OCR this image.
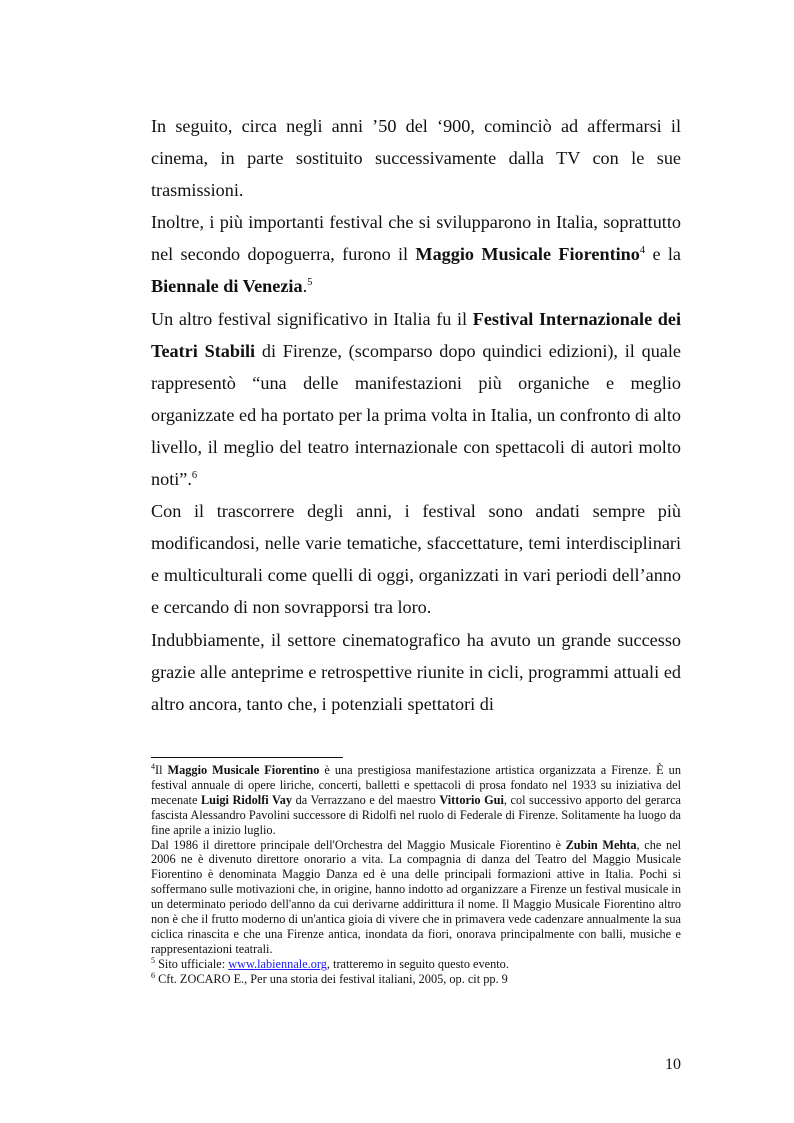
In seguito, circa negli anni ’50 del ‘900, cominciò ad affermarsi il cinema, in parte sostituito successivamente dalla TV con le sue trasmissioni.

Inoltre, i più importanti festival che si svilupparono in Italia, soprattutto nel secondo dopoguerra, furono il Maggio Musicale Fiorentino$^4$ e la Biennale di Venezia.$^5$

Un altro festival significativo in Italia fu il Festival Internazionale dei Teatri Stabili di Firenze, (scomparso dopo quindici edizioni), il quale rappresentò “una delle manifestazioni più organiche e meglio organizzate ed ha portato per la prima volta in Italia, un confronto di alto livello, il meglio del teatro internazionale con spettacoli di autori molto noti”.$^6$

Con il trascorrere degli anni, i festival sono andati sempre più modificandosi, nelle varie tematiche, sfaccettature, temi interdisciplinari e multiculturali come quelli di oggi, organizzati in vari periodi dell’anno e cercando di non sovrapporsi tra loro.

Indubbiamente, il settore cinematografico ha avuto un grande successo grazie alle anteprime e retrospettive riunite in cicli, programmi attuali ed altro ancora, tanto che, i potenziali spettatori di

$^4$Il Maggio Musicale Fiorentino è una prestigiosa manifestazione artistica organizzata a Firenze. È un festival annuale di opere liriche, concerti, balletti e spettacoli di prosa fondato nel 1933 su iniziativa del mecenate Luigi Ridolfi Vay da Verrazzano e del maestro Vittorio Gui, col successivo apporto del gerarca fascista Alessandro Pavolini successore di Ridolfi nel ruolo di Federale di Firenze. Solitamente ha luogo da fine aprile a inizio luglio.

Dal 1986 il direttore principale dell'Orchestra del Maggio Musicale Fiorentino è Zubin Mehta, che nel 2006 ne è divenuto direttore onorario a vita. La compagnia di danza del Teatro del Maggio Musicale Fiorentino è denominata Maggio Danza ed è una delle principali formazioni attive in Italia. Pochi si soffermano sulle motivazioni che, in origine, hanno indotto ad organizzare a Firenze un festival musicale in un determinato periodo dell'anno da cui derivarne addirittura il nome. Il Maggio Musicale Fiorentino altro non è che il frutto moderno di un'antica gioia di vivere che in primavera vede cadenzare annualmente la sua ciclica rinascita e che una Firenze antica, inondata da fiori, onorava principalmente con balli, musiche e rappresentazioni teatrali.

$^5$ Sito ufficiale: www.labiennale.org, tratteremo in seguito questo evento.

$^6$ Cft. ZOCARO E., Per una storia dei festival italiani, 2005, op. cit pp. 9

10
